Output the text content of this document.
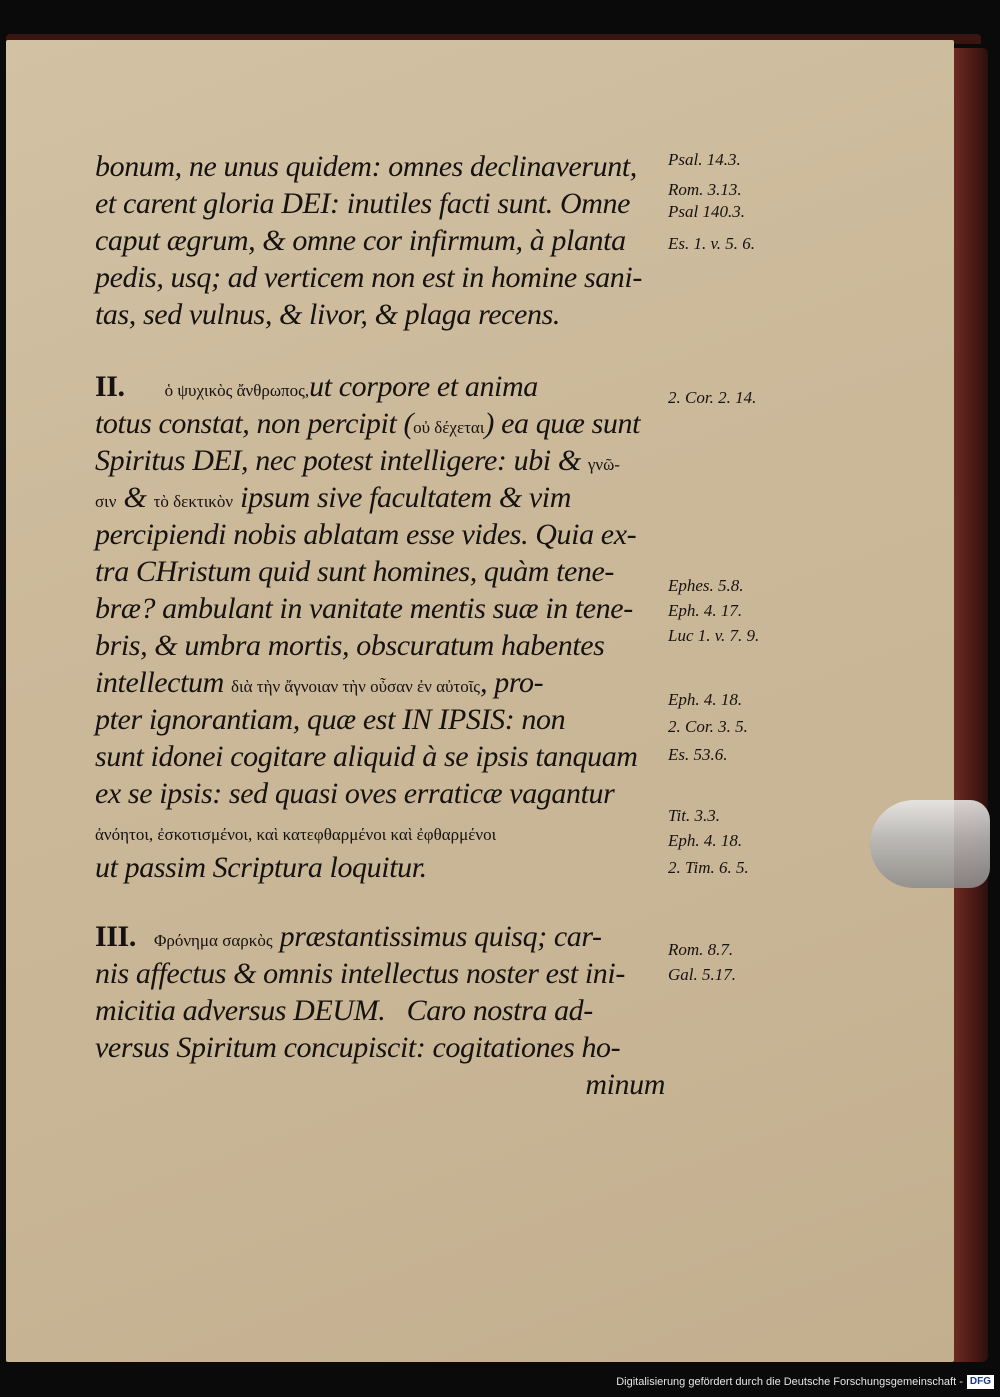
bonum, ne unus quidem: omnes declinaverunt,
et carent gloria DEI: inutiles facti sunt. Omne
caput ægrum, & omne cor infirmum, à planta
pedis, usq; ad verticem non est in homine sani-
tas, sed vulnus, & livor, & plaga recens.
Psal. 14.3.
Rom. 3.13.
Psal 140.3.
Es. 1. v. 5. 6.
II. ὁ ψυχικὸς ἄνθρωπος,ut corpore et anima
totus constat, non percipit (οὐ δέχεται) ea quæ sunt
Spiritus DEI, nec potest intelligere: ubi & γνῶ-
σιν & τὸ δεκτικὸν ipsum sive facultatem & vim
percipiendi nobis ablatam esse vides. Quia ex-
tra CHristum quid sunt homines, quàm tene-
bræ? ambulant in vanitate mentis suæ in tene-
bris, & umbra mortis, obscuratum habentes
intellectum διὰ τὴν ἄγνοιαν τὴν οὖσαν ἐν αὐτοῖς, pro-
pter ignorantiam, quæ est IN IPSIS: non
sunt idonei cogitare aliquid à se ipsis tanquam
ex se ipsis: sed quasi oves erraticæ vagantur
ἀνόητοι, ἐσκοτισμένοι, καὶ κατεφθαρμένοι καὶ ἐφθαρμένοι
ut passim Scriptura loquitur.
2. Cor. 2. 14.
Ephes. 5.8.
Eph. 4. 17.
Luc 1. v. 7. 9.
Eph. 4. 18.
2. Cor. 3. 5.
Es. 53.6.
Tit. 3.3.
Eph. 4. 18.
2. Tim. 6. 5.
III. Φρόνημα σαρκὸς præstantissimus quisq; car-
nis affectus & omnis intellectus noster est ini-
micitia adversus DEUM.   Caro nostra ad-
versus Spiritum concupiscit: cogitationes ho-
minum
Rom. 8.7.
Gal. 5.17.
Digitalisierung gefördert durch die Deutsche Forschungsgemeinschaft - DFG
